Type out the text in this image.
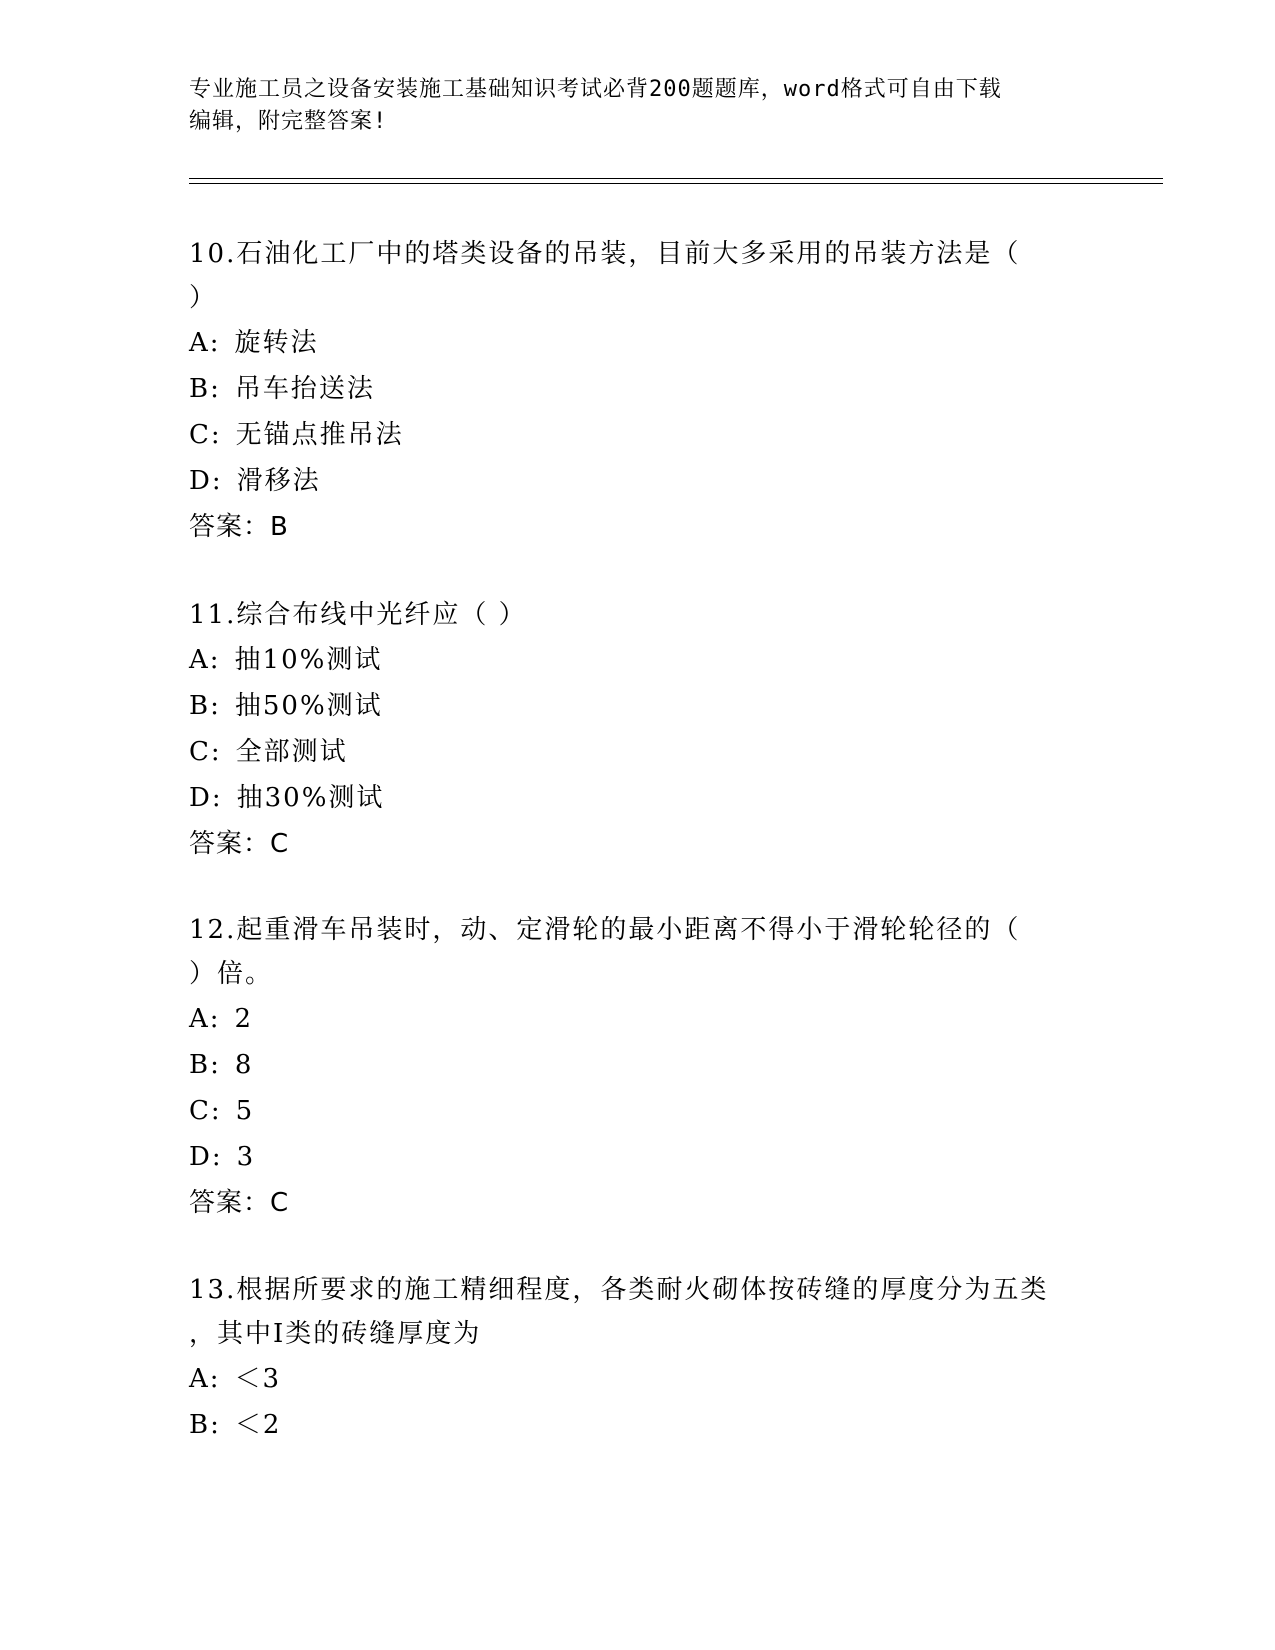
专业施工员之设备安装施工基础知识考试必背200题题库，word格式可自由下载
编辑，附完整答案!

10.石油化工厂中的塔类设备的吊装，目前大多采用的吊装方法是（

）

A: 旋转法

B: 吊车抬送法

C: 无锚点推吊法

D: 滑移法

答案：B

11.综合布线中光纤应（ ）

A: 抽10%测试

B: 抽50%测试

C: 全部测试

D: 抽30%测试

答案：C

12.起重滑车吊装时，动、定滑轮的最小距离不得小于滑轮轮径的（

）倍。

A: 2

B: 8

C: 5

D: 3

答案：C

13.根据所要求的施工精细程度，各类耐火砌体按砖缝的厚度分为五类

，其中Ⅰ类的砖缝厚度为

A: ＜3

B: ＜2
